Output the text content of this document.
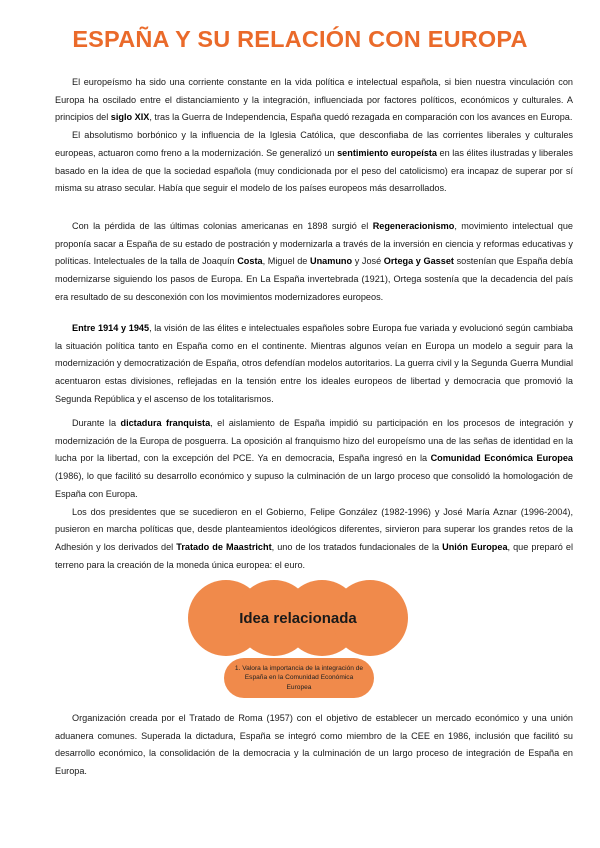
ESPAÑA Y SU RELACIÓN CON EUROPA

El europeísmo ha sido una corriente constante en la vida política e intelectual española, si bien nuestra vinculación con Europa ha oscilado entre el distanciamiento y la integración, influenciada por factores políticos, económicos y culturales. A principios del siglo XIX, tras la Guerra de Independencia, España quedó rezagada en comparación con los avances en Europa.

El absolutismo borbónico y la influencia de la Iglesia Católica, que desconfiaba de las corrientes liberales y culturales europeas, actuaron como freno a la modernización. Se generalizó un sentimiento europeísta en las élites ilustradas y liberales basado en la idea de que la sociedad española (muy condicionada por el peso del catolicismo) era incapaz de superar por sí misma su atraso secular. Había que seguir el modelo de los países europeos más desarrollados.

Con la pérdida de las últimas colonias americanas en 1898 surgió el Regeneracionismo, movimiento intelectual que proponía sacar a España de su estado de postración y modernizarla a través de la inversión en ciencia y reformas educativas y políticas. Intelectuales de la talla de Joaquín Costa, Miguel de Unamuno y José Ortega y Gasset sostenían que España debía modernizarse siguiendo los pasos de Europa. En La España invertebrada (1921), Ortega sostenía que la decadencia del país era resultado de su desconexión con los movimientos modernizadores europeos.

Entre 1914 y 1945, la visión de las élites e intelectuales españoles sobre Europa fue variada y evolucionó según cambiaba la situación política tanto en España como en el continente. Mientras algunos veían en Europa un modelo a seguir para la modernización y democratización de España, otros defendían modelos autoritarios. La guerra civil y la Segunda Guerra Mundial acentuaron estas divisiones, reflejadas en la tensión entre los ideales europeos de libertad y democracia que promovió la Segunda República y el ascenso de los totalitarismos.

Durante la dictadura franquista, el aislamiento de España impidió su participación en los procesos de integración y modernización de la Europa de posguerra. La oposición al franquismo hizo del europeísmo una de las señas de identidad en la lucha por la libertad, con la excepción del PCE. Ya en democracia, España ingresó en la Comunidad Económica Europea (1986), lo que facilitó su desarrollo económico y supuso la culminación de un largo proceso que consolidó la homologación de España con Europa.

Los dos presidentes que se sucedieron en el Gobierno, Felipe González (1982-1996) y José María Aznar (1996-2004), pusieron en marcha políticas que, desde planteamientos ideológicos diferentes, sirvieron para superar los grandes retos de la Adhesión y los derivados del Tratado de Maastricht, uno de los tratados fundacionales de la Unión Europea, que preparó el terreno para la creación de la moneda única europea: el euro.

Idea relacionada
1. Valora la importancia de la integración de España en la Comunidad Económica Europea

Organización creada por el Tratado de Roma (1957) con el objetivo de establecer un mercado económico y una unión aduanera comunes. Superada la dictadura, España se integró como miembro de la CEE en 1986, inclusión que facilitó su desarrollo económico, la consolidación de la democracia y la culminación de un largo proceso de integración de España en Europa.
